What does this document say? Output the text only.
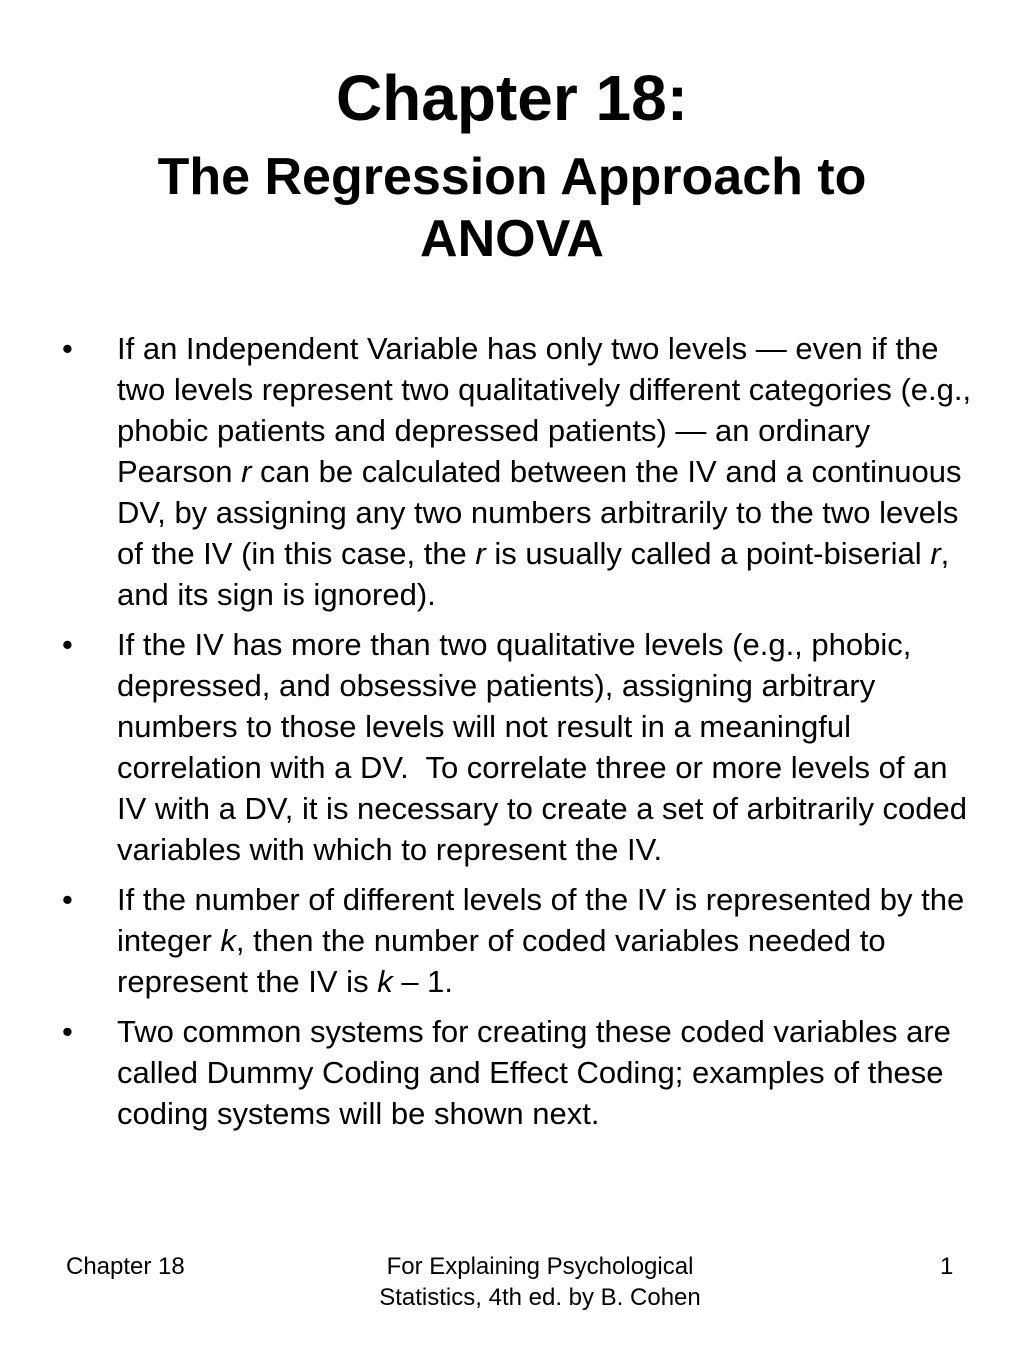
Chapter 18:
The Regression Approach to ANOVA
• If an Independent Variable has only two levels — even if the two levels represent two qualitatively different categories (e.g., phobic patients and depressed patients) — an ordinary Pearson r can be calculated between the IV and a continuous DV, by assigning any two numbers arbitrarily to the two levels of the IV (in this case, the r is usually called a point-biserial r, and its sign is ignored).
• If the IV has more than two qualitative levels (e.g., phobic, depressed, and obsessive patients), assigning arbitrary numbers to those levels will not result in a meaningful correlation with a DV.  To correlate three or more levels of an IV with a DV, it is necessary to create a set of arbitrarily coded variables with which to represent the IV.
• If the number of different levels of the IV is represented by the integer k, then the number of coded variables needed to represent the IV is k – 1.
• Two common systems for creating these coded variables are called Dummy Coding and Effect Coding; examples of these coding systems will be shown next.
Chapter 18	For Explaining Psychological
Statistics, 4th ed. by B. Cohen
1
